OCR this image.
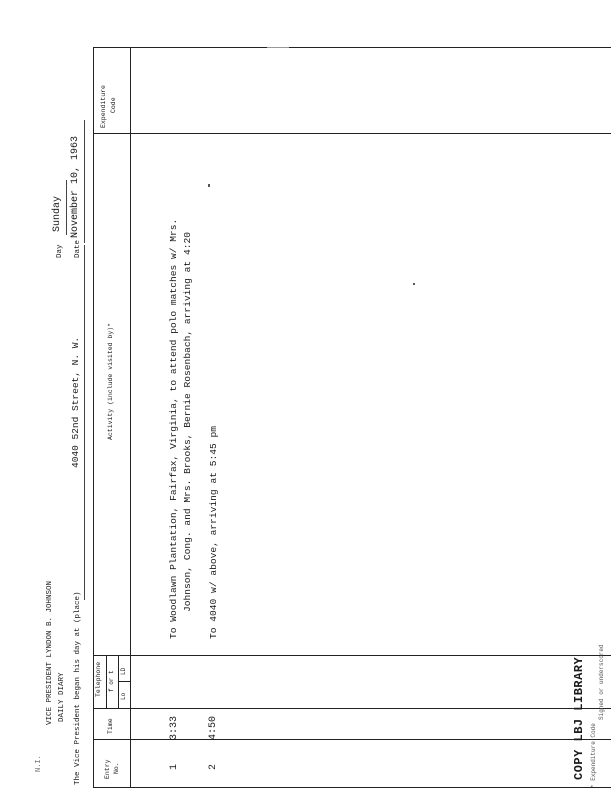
N.I.
VICE PRESIDENT LYNDON B. JOHNSON DAILY DIARY The Vice President began his day at (place)
4040 52nd Street, N. W.
Day
Sunday
Date
November 10, 1963
Entry No.
Time
Telephone f or t
Lo
LD
Activity (include visited by)*
Expenditure Code
1
3:33
To Woodlawn Plantation, Fairfax, Virginia, to attend polo matches w/ Mrs. Johnson, Cong. and Mrs. Brooks, Bernie Rosenbach, arriving at 4:20
2
4:50
To 4040 w/ above, arriving at 5:45 pm
COPY LBJ LIBRARY * Expenditure Code
Signed or underscored
